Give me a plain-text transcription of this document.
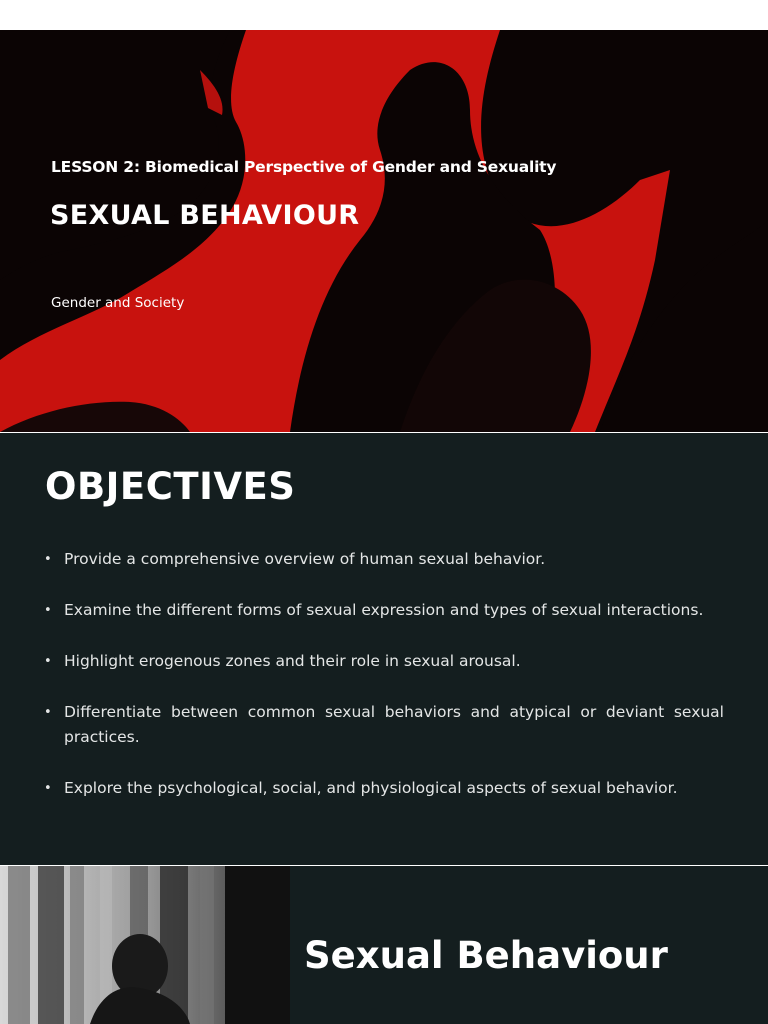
LESSON 2: Biomedical Perspective of Gender and Sexuality
SEXUAL BEHAVIOUR
Gender and Society
OBJECTIVES
• Provide a comprehensive overview of human sexual behavior.
• Examine the different forms of sexual expression and types of sexual interactions.
• Highlight erogenous zones and their role in sexual arousal.
• Differentiate between common sexual behaviors and atypical or deviant sexual practices.
• Explore the psychological, social, and physiological aspects of sexual behavior.
Sexual Behaviour
